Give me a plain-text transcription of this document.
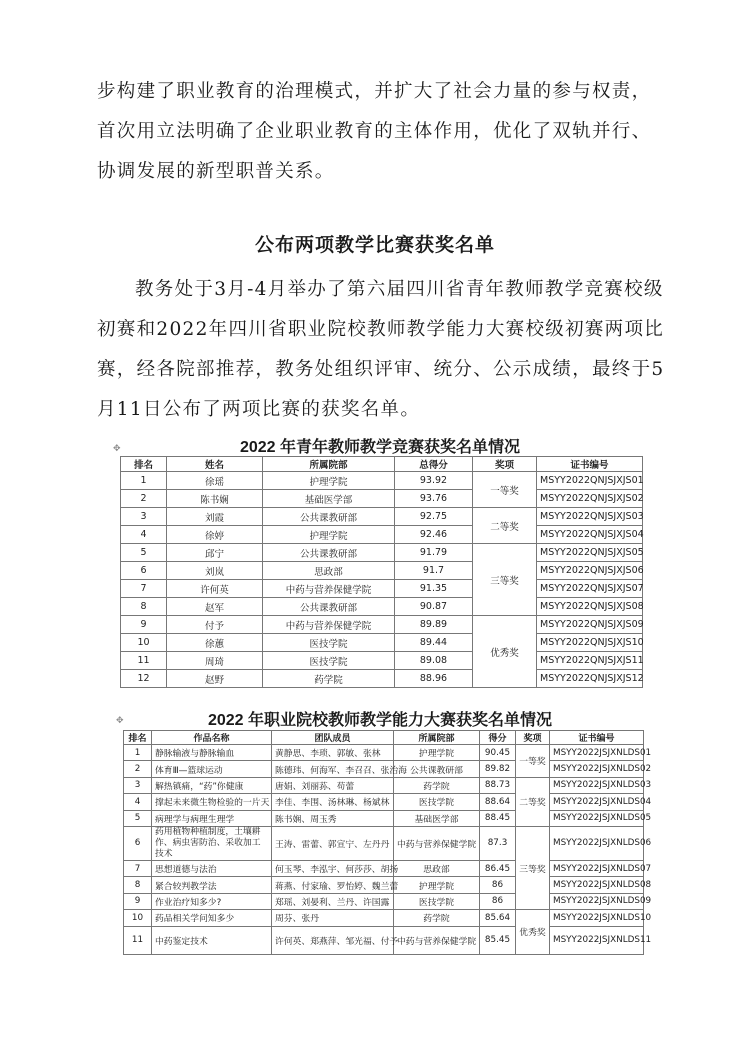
步构建了职业教育的治理模式，并扩大了社会力量的参与权责，首次用立法明确了企业职业教育的主体作用，优化了双轨并行、协调发展的新型职普关系。

公布两项教学比赛获奖名单

教务处于3月-4月举办了第六届四川省青年教师教学竞赛校级初赛和2022年四川省职业院校教师教学能力大赛校级初赛两项比赛，经各院部推荐，教务处组织评审、统分、公示成绩，最终于5月11日公布了两项比赛的获奖名单。

✥	2022 年青年教师教学竞赛获奖名单情况
排名	姓名	所属院部	总得分	奖项	证书编号
1	徐瑶	护理学院	93.92	一等奖	MSYY2022QNJSJXJS01
2	陈书娴	基础医学部	93.76		MSYY2022QNJSJXJS02
3	刘霞	公共课教研部	92.75	二等奖	MSYY2022QNJSJXJS03
4	徐婷	护理学院	92.46		MSYY2022QNJSJXJS04
5	邱宁	公共课教研部	91.79	三等奖	MSYY2022QNJSJXJS05
6	刘岚	思政部	91.7		MSYY2022QNJSJXJS06
7	许何英	中药与营养保健学院	91.35		MSYY2022QNJSJXJS07
8	赵军	公共课教研部	90.87		MSYY2022QNJSJXJS08
9	付予	中药与营养保健学院	89.89	优秀奖	MSYY2022QNJSJXJS09
10	徐蕙	医技学院	89.44		MSYY2022QNJSJXJS10
11	周琦	医技学院	89.08		MSYY2022QNJSJXJS11
12	赵野	药学院	88.96		MSYY2022QNJSJXJS12
✥	2022 年职业院校教师教学能力大赛获奖名单情况
排名	作品名称	团队成员	所属院部	得分	奖项	证书编号
1	静脉输液与静脉输血	黄静思、李琐、郭敏、张林	护理学院	90.45	一等奖	MSYY2022JSJXNLDS01
2	体育Ⅲ—篮球运动	陈德玮、何海军、李召召、张治海	公共课教研部	89.82		MSYY2022JSJXNLDS02
3	解热镇痛，“药”你健康	唐娟、刘丽荪、苟蕾	药学院	88.73	二等奖	MSYY2022JSJXNLDS03
4	撑起未来微生物检验的一片天	李佳、李围、汤林琳、杨斌林	医技学院	88.64		MSYY2022JSJXNLDS04
5	病理学与病理生理学	陈书娴、周玉秀	基础医学部	88.45		MSYY2022JSJXNLDS05
6	药用植物种植制度，土壤耕作、病虫害防治、采收加工技术	王涛、雷蕾、郭宣宁、左丹丹	中药与营养保健学院	87.3	三等奖	MSYY2022JSJXNLDS06
7	思想道德与法治	何玉琴、李泓宇、何莎莎、胡扬	思政部	86.45		MSYY2022JSJXNLDS07
8	紧合较判教学法	蒋燕、付家瑜、罗怡婷、魏兰蕾	护理学院	86		MSYY2022JSJXNLDS08
9	作业治疗知多少?	郑瑶、刘晏利、兰丹、许国露	医技学院	86		MSYY2022JSJXNLDS09
10	药品相关学问知多少	周芬、张丹	药学院	85.64	优秀奖	MSYY2022JSJXNLDS10
11	中药鉴定技术	许何英、郑燕萍、邹光福、付予	中药与营养保健学院	85.45		MSYY2022JSJXNLDS11
